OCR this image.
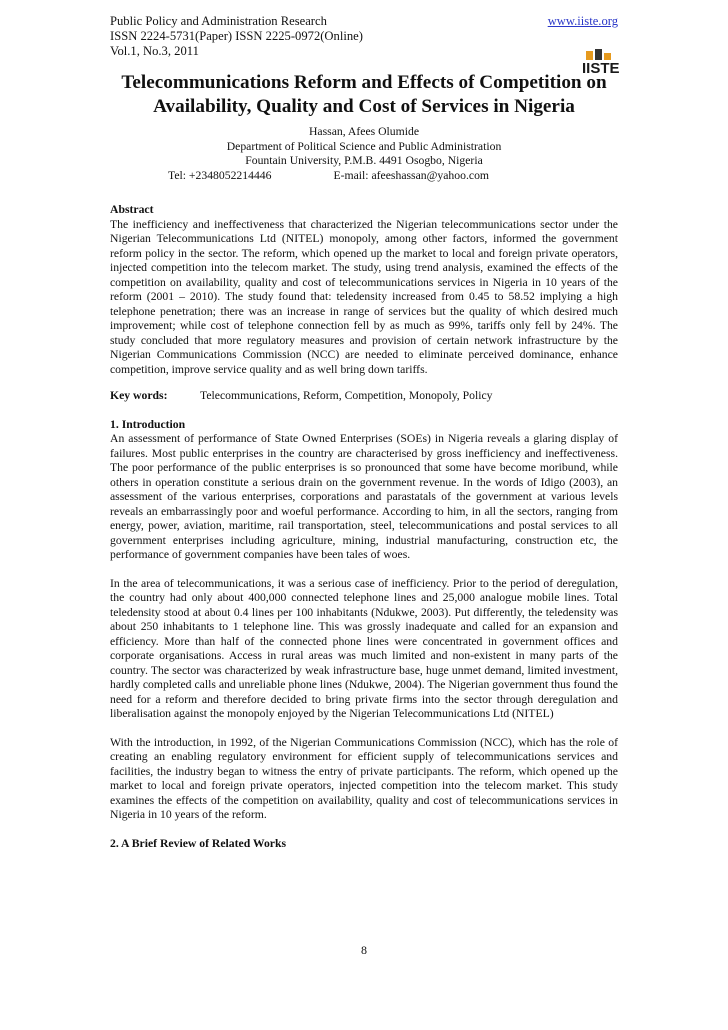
Public Policy and Administration Research
ISSN 2224-5731(Paper) ISSN 2225-0972(Online)
Vol.1, No.3, 2011
www.iiste.org
IISTE
Telecommunications Reform and Effects of Competition on
Availability, Quality and Cost of Services in Nigeria
Hassan, Afees Olumide
Department of Political Science and Public Administration
Fountain University, P.M.B. 4491 Osogbo, Nigeria
Tel: +2348052214446	E-mail: afeeshassan@yahoo.com
Abstract

The inefficiency and ineffectiveness that characterized the Nigerian telecommunications sector under the Nigerian Telecommunications Ltd (NITEL) monopoly, among other factors, informed the government reform policy in the sector. The reform, which opened up the market to local and foreign private operators, injected competition into the telecom market. The study, using trend analysis, examined the effects of the competition on availability, quality and cost of telecommunications services in Nigeria in 10 years of the reform (2001 – 2010). The study found that: teledensity increased from 0.45 to 58.52 implying a high telephone penetration; there was an increase in range of services but the quality of which desired much improvement; while cost of telephone connection fell by as much as 99%, tariffs only fell by 24%. The study concluded that more regulatory measures and provision of certain network infrastructure by the Nigerian Communications Commission (NCC) are needed to eliminate perceived dominance, enhance competition, improve service quality and as well bring down tariffs.

Key words:	Telecommunications, Reform, Competition, Monopoly, Policy
1. Introduction

An assessment of performance of State Owned Enterprises (SOEs) in Nigeria reveals a glaring display of failures. Most public enterprises in the country are characterised by gross inefficiency and ineffectiveness. The poor performance of the public enterprises is so pronounced that some have become moribund, while others in operation constitute a serious drain on the government revenue. In the words of Idigo (2003), an assessment of the various enterprises, corporations and parastatals of the government at various levels reveals an embarrassingly poor and woeful performance. According to him, in all the sectors, ranging from energy, power, aviation, maritime, rail transportation, steel, telecommunications and postal services to all government enterprises including agriculture, mining, industrial manufacturing, construction etc, the performance of government companies have been tales of woes.

In the area of telecommunications, it was a serious case of inefficiency. Prior to the period of deregulation, the country had only about 400,000 connected telephone lines and 25,000 analogue mobile lines. Total teledensity stood at about 0.4 lines per 100 inhabitants (Ndukwe, 2003). Put differently, the teledensity was about 250 inhabitants to 1 telephone line. This was grossly inadequate and called for an expansion and efficiency. More than half of the connected phone lines were concentrated in government offices and corporate organisations. Access in rural areas was much limited and non-existent in many parts of the country. The sector was characterized by weak infrastructure base, huge unmet demand, limited investment, hardly completed calls and unreliable phone lines (Ndukwe, 2004). The Nigerian government thus found the need for a reform and therefore decided to bring private firms into the sector through deregulation and liberalisation against the monopoly enjoyed by the Nigerian Telecommunications Ltd (NITEL)

With the introduction, in 1992, of the Nigerian Communications Commission (NCC), which has the role of creating an enabling regulatory environment for efficient supply of telecommunications services and facilities, the industry began to witness the entry of private participants. The reform, which opened up the market to local and foreign private operators, injected competition into the telecom market. This study examines the effects of the competition on availability, quality and cost of telecommunications services in Nigeria in 10 years of the reform.

2. A Brief Review of Related Works
8
